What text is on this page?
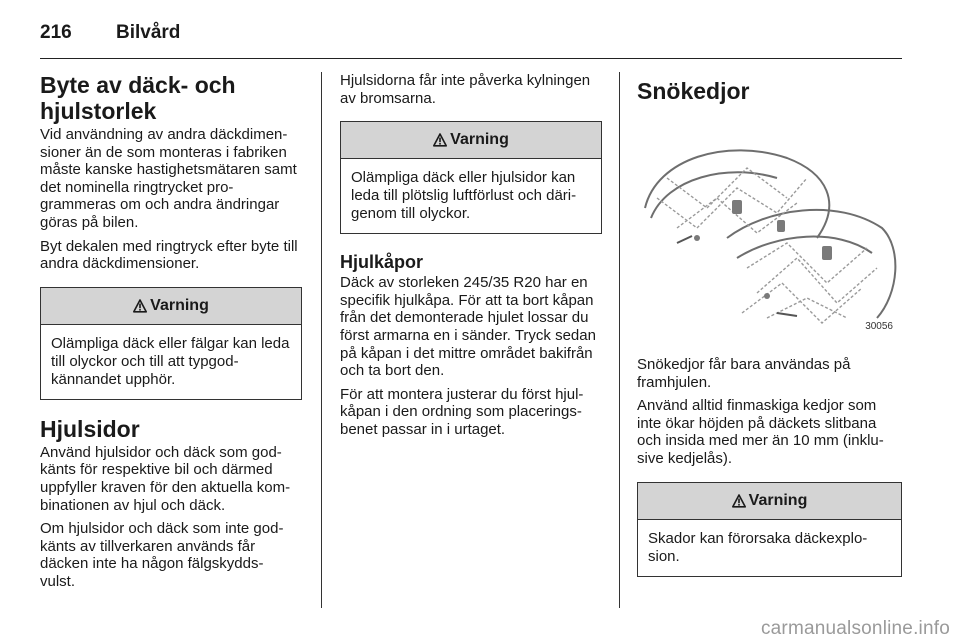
216 Bilvård
Byte av däck- och hjulstorlek

Vid användning av andra däckdimen- sioner än de som monteras i fabriken måste kanske hastighetsmätaren samt det nominella ringtrycket pro- grammeras om och andra ändringar göras på bilen.

Byt dekalen med ringtryck efter byte till andra däckdimensioner.

Varning
Olämpliga däck eller fälgar kan leda till olyckor och till att typgod- kännandet upphör.
Hjulsidor

Använd hjulsidor och däck som god- känts för respektive bil och därmed uppfyller kraven för den aktuella kom- binationen av hjul och däck.

Om hjulsidor och däck som inte god- känts av tillverkaren används får däcken inte ha någon fälgskydds- vulst.

Hjulsidorna får inte påverka kylningen av bromsarna.

Varning
Olämpliga däck eller hjulsidor kan leda till plötslig luftförlust och däri- genom till olyckor.
Hjulkåpor

Däck av storleken 245/35 R20 har en specifik hjulkåpa. För att ta bort kåpan från det demonterade hjulet lossar du först armarna en i sänder. Tryck sedan på kåpan i det mittre området bakifrån och ta bort den.

För att montera justerar du först hjul- kåpan i den ordning som placerings- benet passar in i urtaget.

Snökedjor
30056

Snökedjor får bara användas på framhjulen.

Använd alltid finmaskiga kedjor som inte ökar höjden på däckets slitbana och insida med mer än 10 mm (inklu- sive kedjelås).

Varning
Skador kan förorsaka däckexplo- sion.
carmanualsonline.info
